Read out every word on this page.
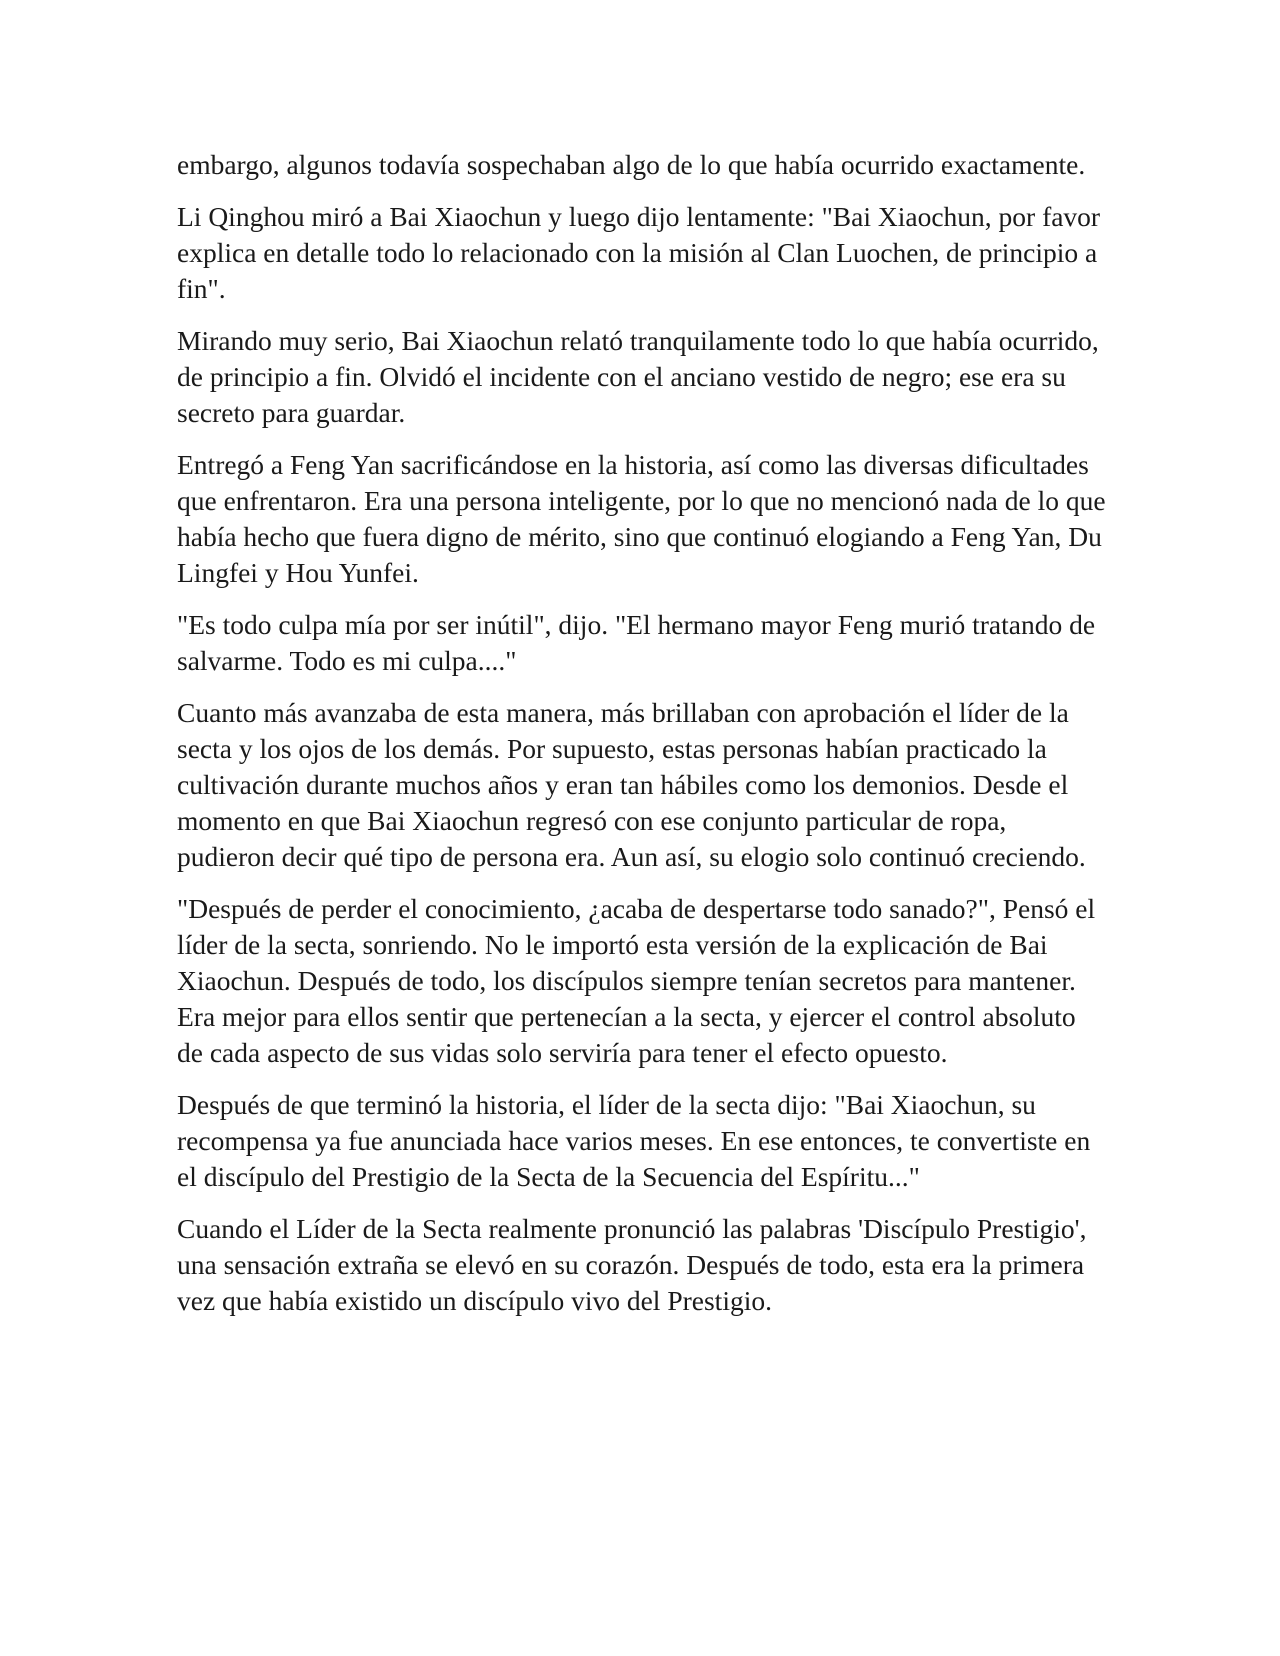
embargo, algunos todavía sospechaban algo de lo que había ocurrido exactamente.

Li Qinghou miró a Bai Xiaochun y luego dijo lentamente: "Bai Xiaochun, por favor explica en detalle todo lo relacionado con la misión al Clan Luochen, de principio a fin".

Mirando muy serio, Bai Xiaochun relató tranquilamente todo lo que había ocurrido, de principio a fin. Olvidó el incidente con el anciano vestido de negro; ese era su secreto para guardar.

Entregó a Feng Yan sacrificándose en la historia, así como las diversas dificultades que enfrentaron. Era una persona inteligente, por lo que no mencionó nada de lo que había hecho que fuera digno de mérito, sino que continuó elogiando a Feng Yan, Du Lingfei y Hou Yunfei.

"Es todo culpa mía por ser inútil", dijo. "El hermano mayor Feng murió tratando de salvarme. Todo es mi culpa...."

Cuanto más avanzaba de esta manera, más brillaban con aprobación el líder de la secta y los ojos de los demás. Por supuesto, estas personas habían practicado la cultivación durante muchos años y eran tan hábiles como los demonios. Desde el momento en que Bai Xiaochun regresó con ese conjunto particular de ropa, pudieron decir qué tipo de persona era. Aun así, su elogio solo continuó creciendo.

"Después de perder el conocimiento, ¿acaba de despertarse todo sanado?", Pensó el líder de la secta, sonriendo. No le importó esta versión de la explicación de Bai Xiaochun. Después de todo, los discípulos siempre tenían secretos para mantener. Era mejor para ellos sentir que pertenecían a la secta, y ejercer el control absoluto de cada aspecto de sus vidas solo serviría para tener el efecto opuesto.

Después de que terminó la historia, el líder de la secta dijo: "Bai Xiaochun, su recompensa ya fue anunciada hace varios meses. En ese entonces, te convertiste en el discípulo del Prestigio de la Secta de la Secuencia del Espíritu..."

Cuando el Líder de la Secta realmente pronunció las palabras 'Discípulo Prestigio', una sensación extraña se elevó en su corazón. Después de todo, esta era la primera vez que había existido un discípulo vivo del Prestigio.
